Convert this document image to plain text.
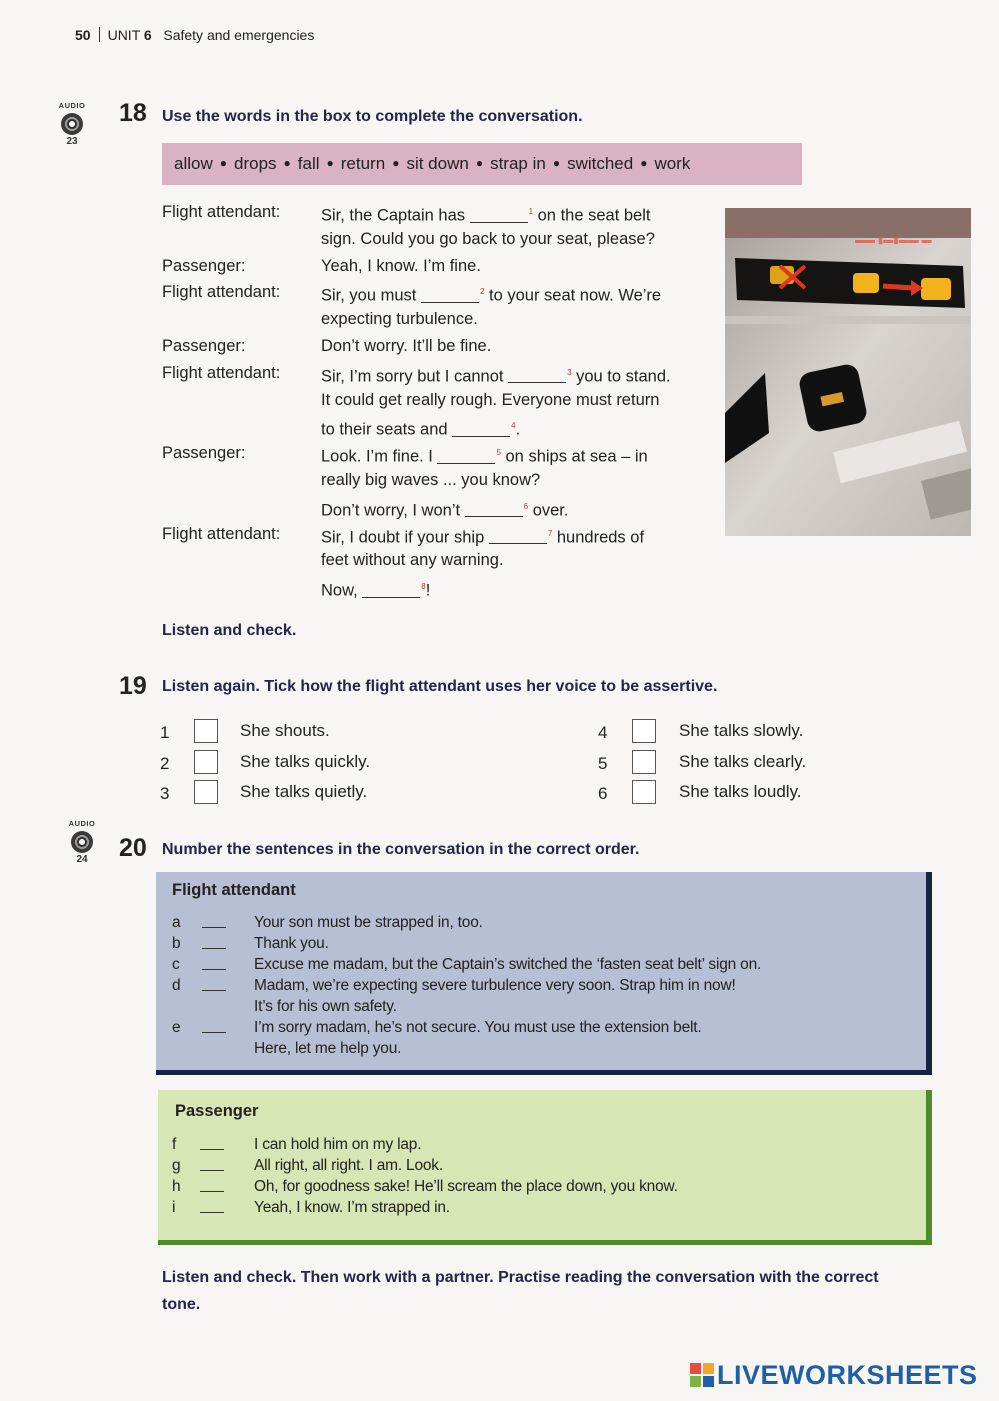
50 UNIT 6 Safety and emergencies
AUDIO
23
18 Use the words in the box to complete the conversation.
allow ● drops ● fall ● return ● sit down ● strap in ● switched ● work
Flight attendant:	Sir, the Captain has	$^1$ on the seat belt
sign. Could you go back to your seat, please?
Passenger:	Yeah, I know. I’m fine.
Flight attendant:	Sir, you must	$^2$ to your seat now. We’re
expecting turbulence.
Passenger:	Don’t worry. It’ll be fine.
Flight attendant:	Sir, I’m sorry but I cannot	$^3$ you to stand.
It could get really rough. Everyone must return
to their seats and	$^4$.
Passenger:	Look. I’m fine. I	$^5$ on ships at sea – in
really big waves ... you know?
Don’t worry, I won’t	$^6$ over.
Flight attendant:	Sir, I doubt if your ship	$^7$ hundreds of
feet without any warning.
Now,	$^8$!
▬▬ ▮▬▮▬▬ ▬
Listen and check.
19 Listen again. Tick how the flight attendant uses her voice to be assertive.
1	She shouts.
2	She talks quickly.
3	She talks quietly.
4	She talks slowly.
5	She talks clearly.
6	She talks loudly.
AUDIO
24	20 Number the sentences in the conversation in the correct order.
Flight attendant
a	Your son must be strapped in, too.
b	Thank you.
c	Excuse me madam, but the Captain’s switched the ‘fasten seat belt’ sign on.
d	Madam, we’re expecting severe turbulence very soon. Strap him in now!
It’s for his own safety.
e	I’m sorry madam, he’s not secure. You must use the extension belt.
Here, let me help you.
Passenger
f	I can hold him on my lap.
g	All right, all right. I am. Look.
h	Oh, for goodness sake! He’ll scream the place down, you know.
i	Yeah, I know. I’m strapped in.
Listen and check. Then work with a partner. Practise reading the conversation with the correct tone.
LIVEWORKSHEETS
